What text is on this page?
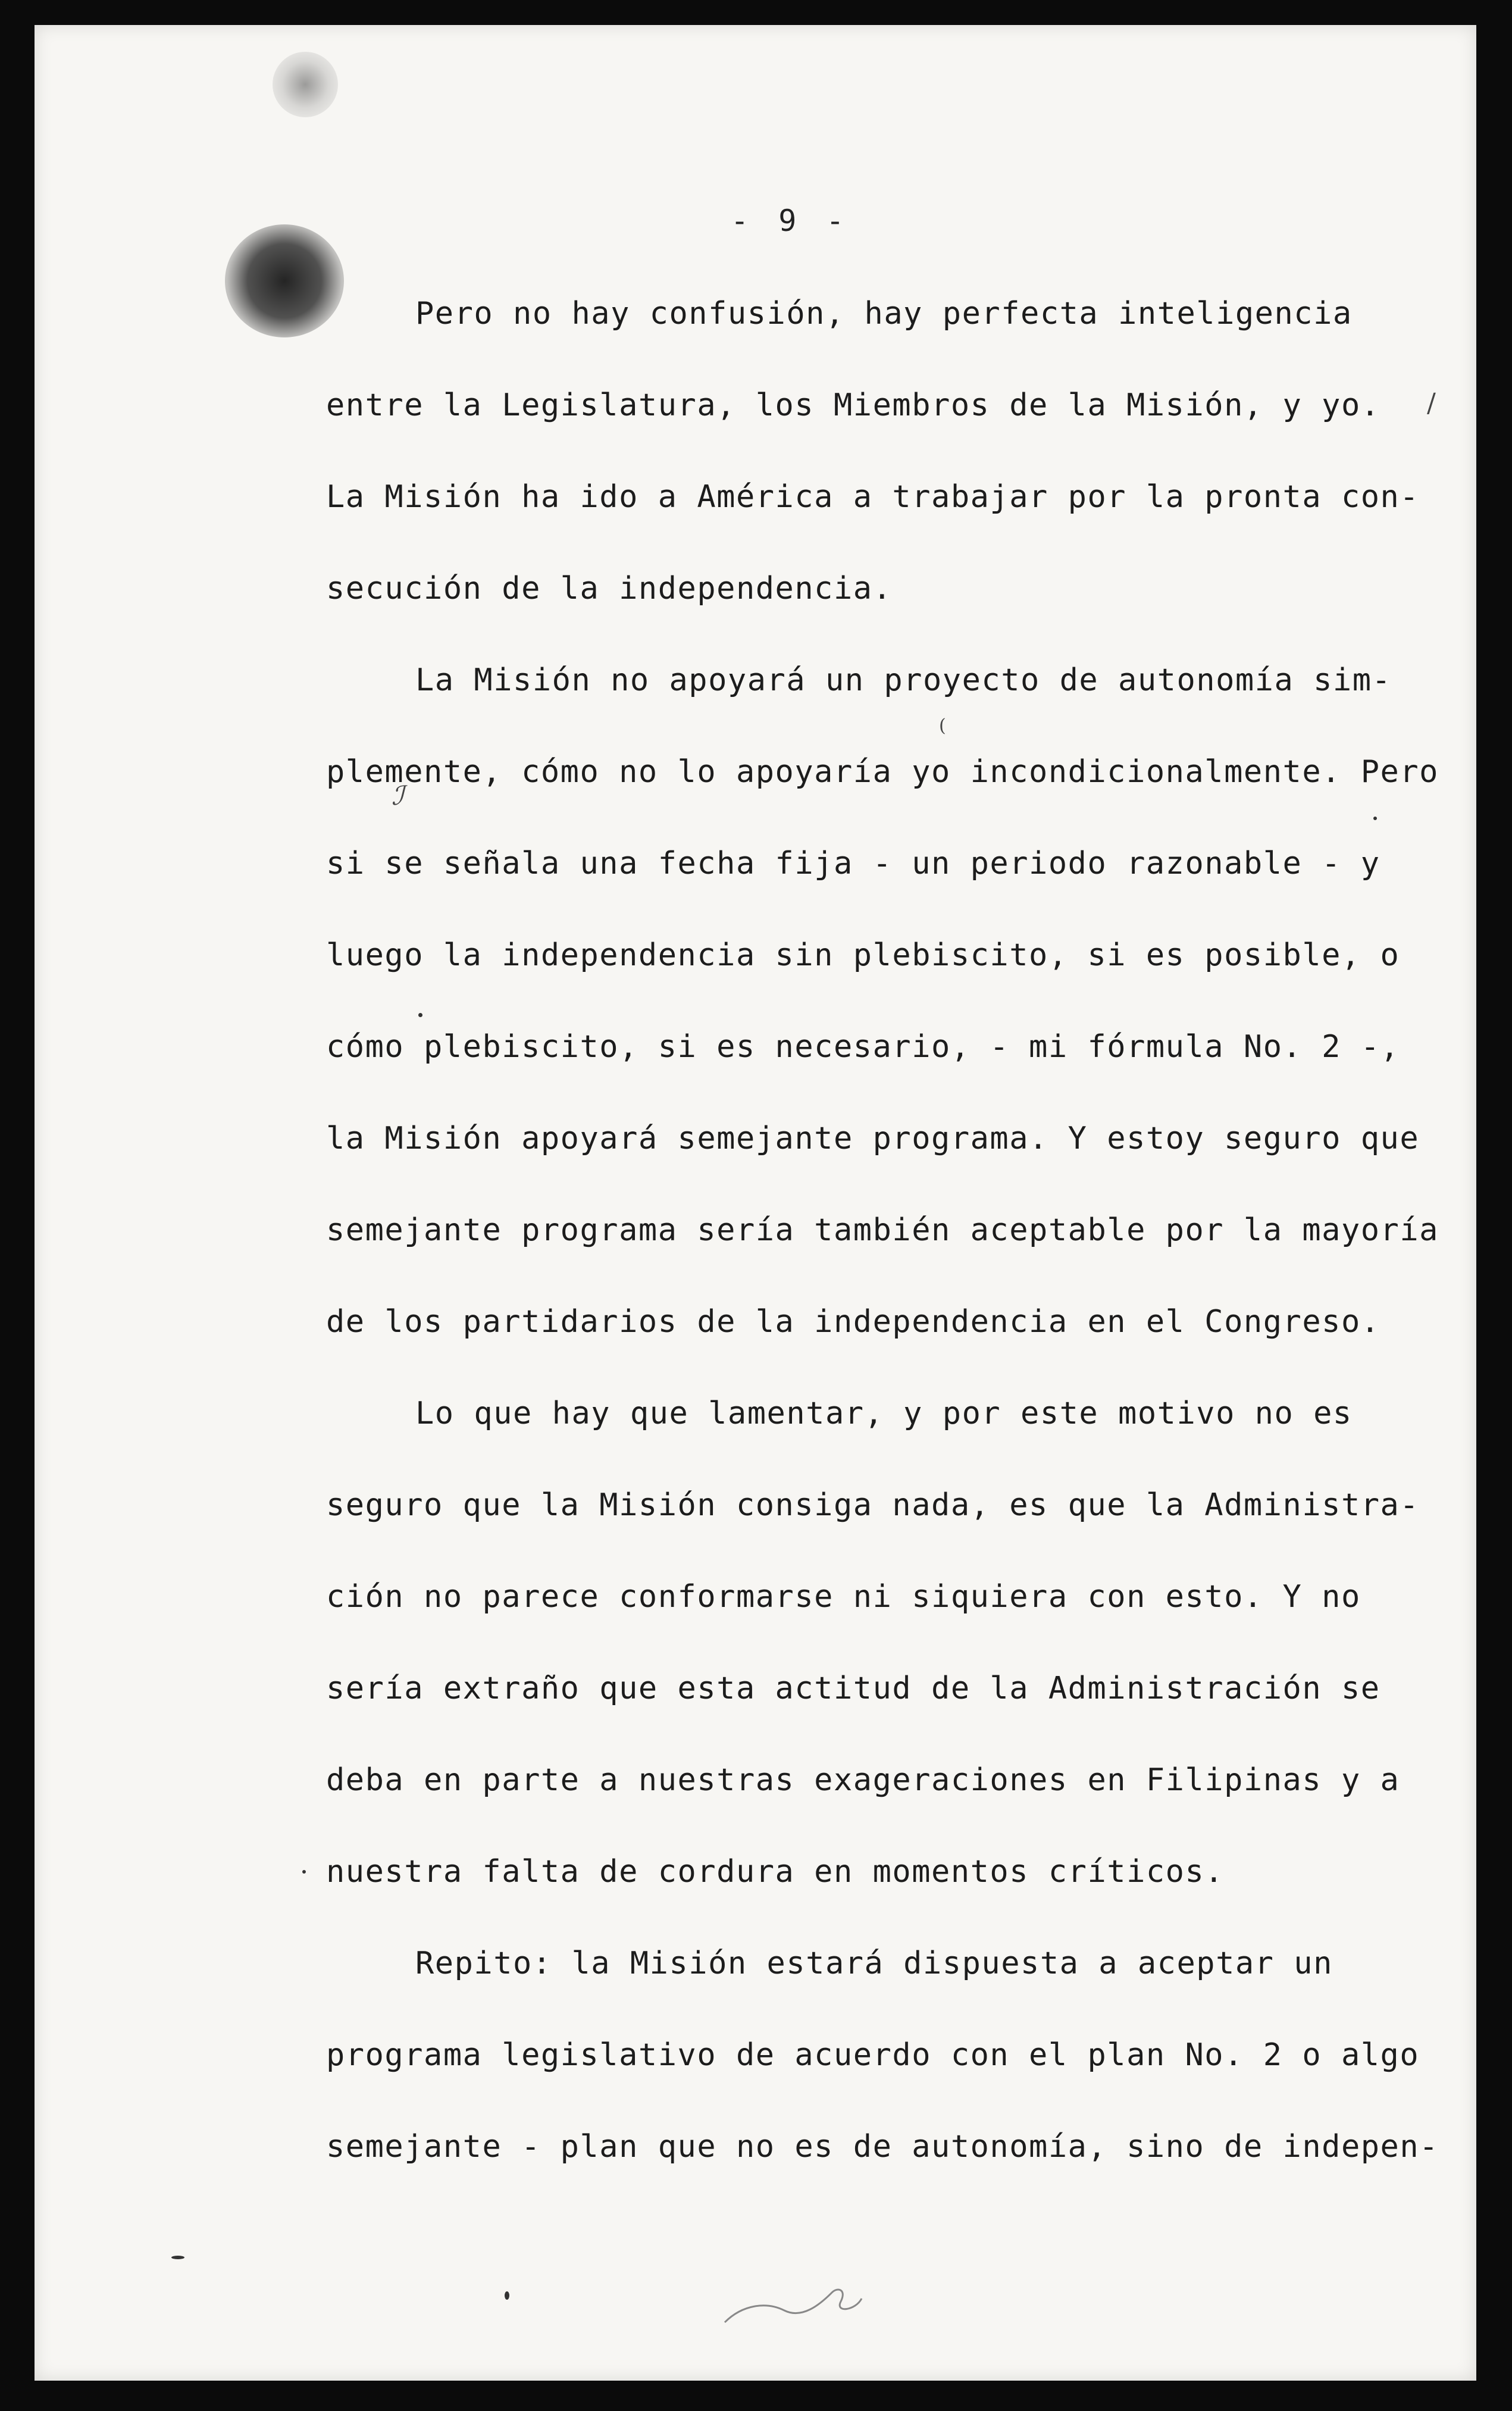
- 9 -
Pero no hay confusión, hay perfecta inteligencia
entre la Legislatura, los Miembros de la Misión, y yo.
La Misión ha ido a América a trabajar por la pronta con-
secución de la independencia.
La Misión no apoyará un proyecto de autonomía sim-
plemente, cómo no lo apoyaría yo incondicionalmente. Pero
si se señala una fecha fija - un periodo razonable - y
luego la independencia sin plebiscito, si es posible, o
cómo plebiscito, si es necesario, - mi fórmula No. 2 -,
la Misión apoyará semejante programa. Y estoy seguro que
semejante programa sería también aceptable por la mayoría
de los partidarios de la independencia en el Congreso.
Lo que hay que lamentar, y por este motivo no es
seguro que la Misión consiga nada, es que la Administra-
ción no parece conformarse ni siquiera con esto. Y no
sería extraño que esta actitud de la Administración se
deba en parte a nuestras exageraciones en Filipinas y a
nuestra falta de cordura en momentos críticos.
Repito: la Misión estará dispuesta a aceptar un
programa legislativo de acuerdo con el plan No. 2 o algo
semejante - plan que no es de autonomía, sino de indepen-
/
ℐ
(
